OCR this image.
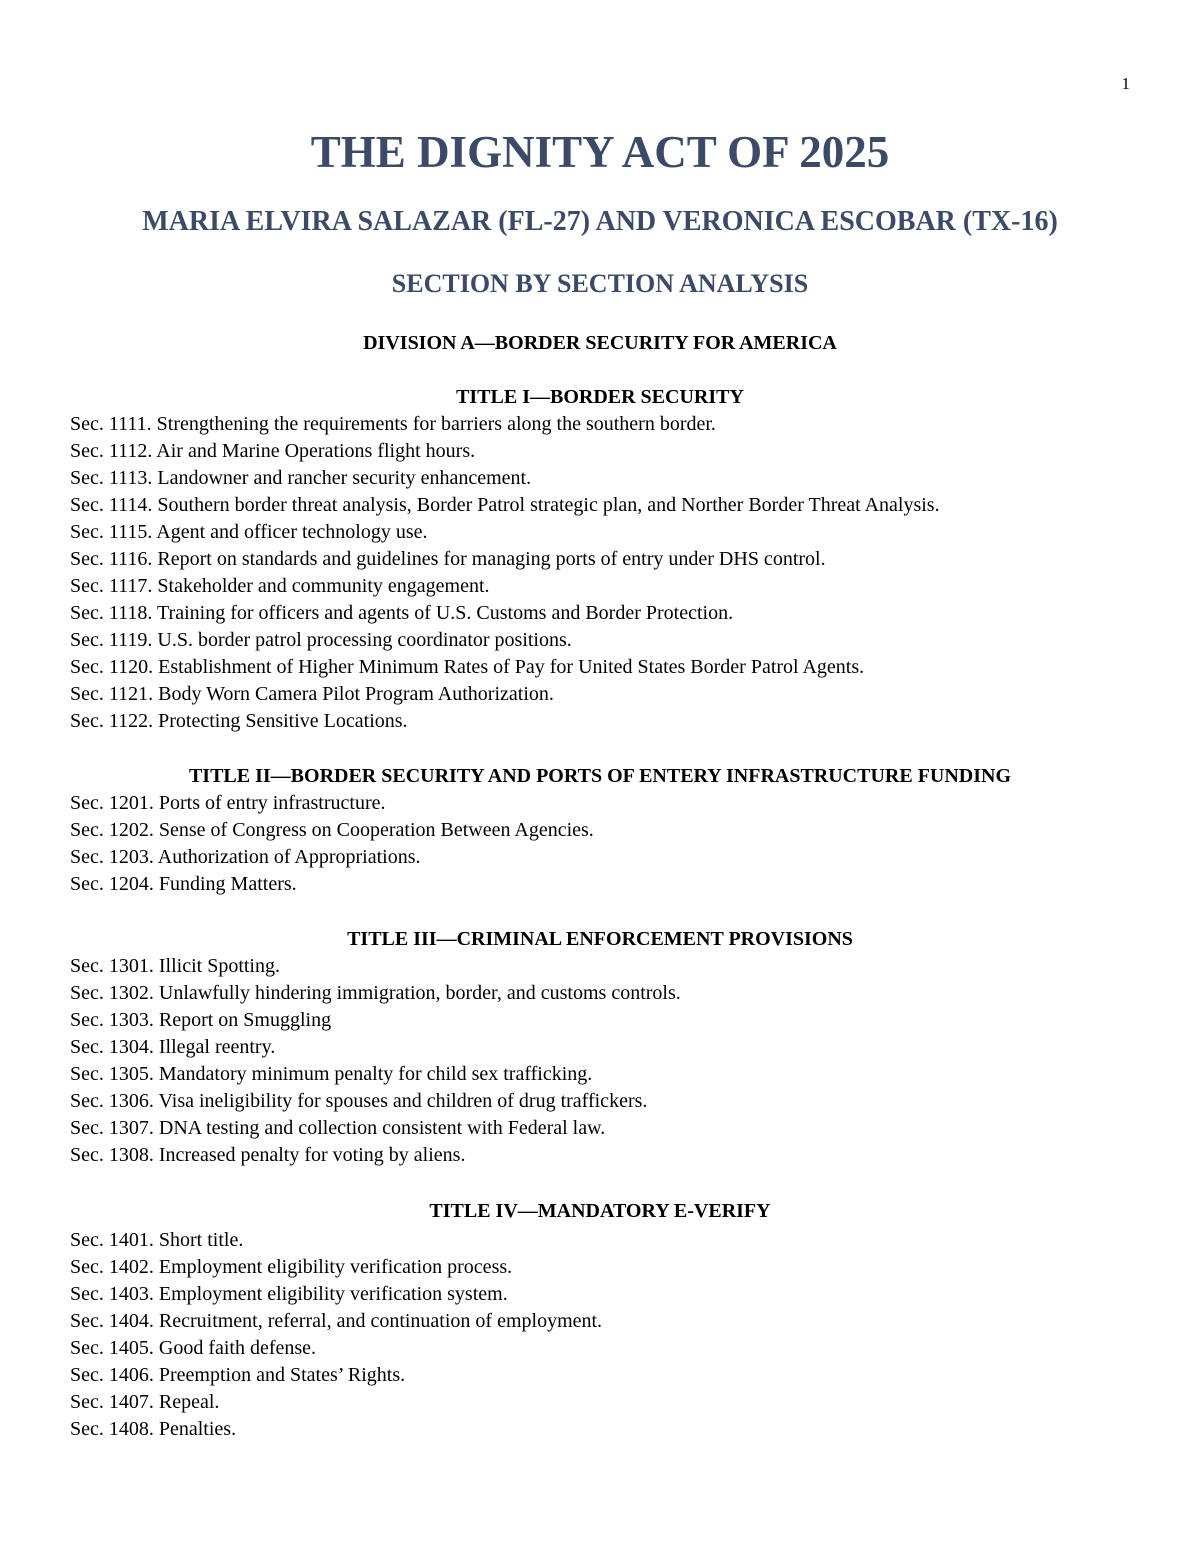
1
THE DIGNITY ACT OF 2025
MARIA ELVIRA SALAZAR (FL-27) AND VERONICA ESCOBAR (TX-16)
SECTION BY SECTION ANALYSIS
DIVISION A—BORDER SECURITY FOR AMERICA
TITLE I—BORDER SECURITY
Sec. 1111. Strengthening the requirements for barriers along the southern border.
Sec. 1112. Air and Marine Operations flight hours.
Sec. 1113. Landowner and rancher security enhancement.
Sec. 1114. Southern border threat analysis, Border Patrol strategic plan, and Norther Border Threat Analysis.
Sec. 1115. Agent and officer technology use.
Sec. 1116. Report on standards and guidelines for managing ports of entry under DHS control.
Sec. 1117. Stakeholder and community engagement.
Sec. 1118. Training for officers and agents of U.S. Customs and Border Protection.
Sec. 1119. U.S. border patrol processing coordinator positions.
Sec. 1120. Establishment of Higher Minimum Rates of Pay for United States Border Patrol Agents.
Sec. 1121. Body Worn Camera Pilot Program Authorization.
Sec. 1122. Protecting Sensitive Locations.
TITLE II—BORDER SECURITY AND PORTS OF ENTERY INFRASTRUCTURE FUNDING
Sec. 1201. Ports of entry infrastructure.
Sec. 1202. Sense of Congress on Cooperation Between Agencies.
Sec. 1203. Authorization of Appropriations.
Sec. 1204. Funding Matters.
TITLE III—CRIMINAL ENFORCEMENT PROVISIONS
Sec. 1301. Illicit Spotting.
Sec. 1302. Unlawfully hindering immigration, border, and customs controls.
Sec. 1303. Report on Smuggling
Sec. 1304. Illegal reentry.
Sec. 1305. Mandatory minimum penalty for child sex trafficking.
Sec. 1306. Visa ineligibility for spouses and children of drug traffickers.
Sec. 1307. DNA testing and collection consistent with Federal law.
Sec. 1308. Increased penalty for voting by aliens.
TITLE IV—MANDATORY E-VERIFY
Sec. 1401. Short title.
Sec. 1402. Employment eligibility verification process.
Sec. 1403. Employment eligibility verification system.
Sec. 1404. Recruitment, referral, and continuation of employment.
Sec. 1405. Good faith defense.
Sec. 1406. Preemption and States’ Rights.
Sec. 1407. Repeal.
Sec. 1408. Penalties.
